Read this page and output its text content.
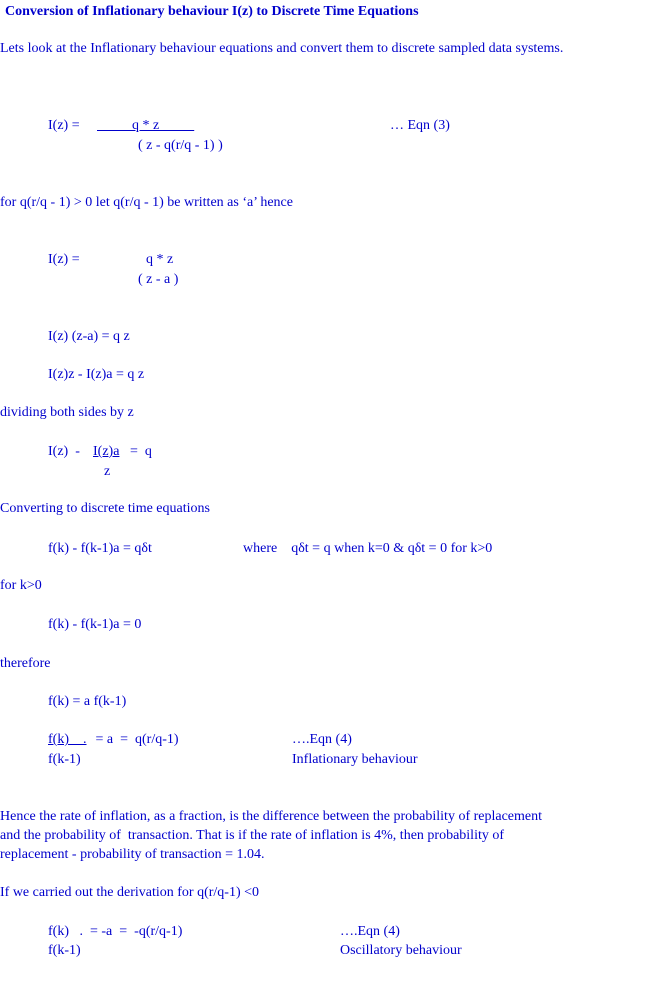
Conversion of Inflationary behaviour I(z) to Discrete Time Equations
Lets look at the Inflationary behaviour equations and convert them to discrete sampled data systems.
I(z) = q * z
( z - q(r/q - 1) )
… Eqn (3)
for q(r/q - 1) > 0 let q(r/q - 1) be written as ‘a’ hence
I(z) =	q * z
( z - a )
I(z) (z-a) = q z
I(z)z - I(z)a = q z
dividing both sides by z
I(z)  - I(z)a =  q
z
Converting to discrete time equations
f(k) - f(k-1)a = qδt	where    qδt = q when k=0 & qδt = 0 for k>0
for k>0
f(k) - f(k-1)a = 0
therefore
f(k) = a f(k-1)
f(k)    . = a  =  q(r/q-1)	….Eqn (4)
f(k-1)	Inflationary behaviour
Hence the rate of inflation, as a fraction, is the difference between the probability of replacement
and the probability of  transaction. That is if the rate of inflation is 4%, then probability of
replacement - probability of transaction = 1.04.
If we carried out the derivation for q(r/q-1) <0
f(k)   .  = -a  =  -q(r/q-1)	….Eqn (4)
f(k-1)	Oscillatory behaviour
